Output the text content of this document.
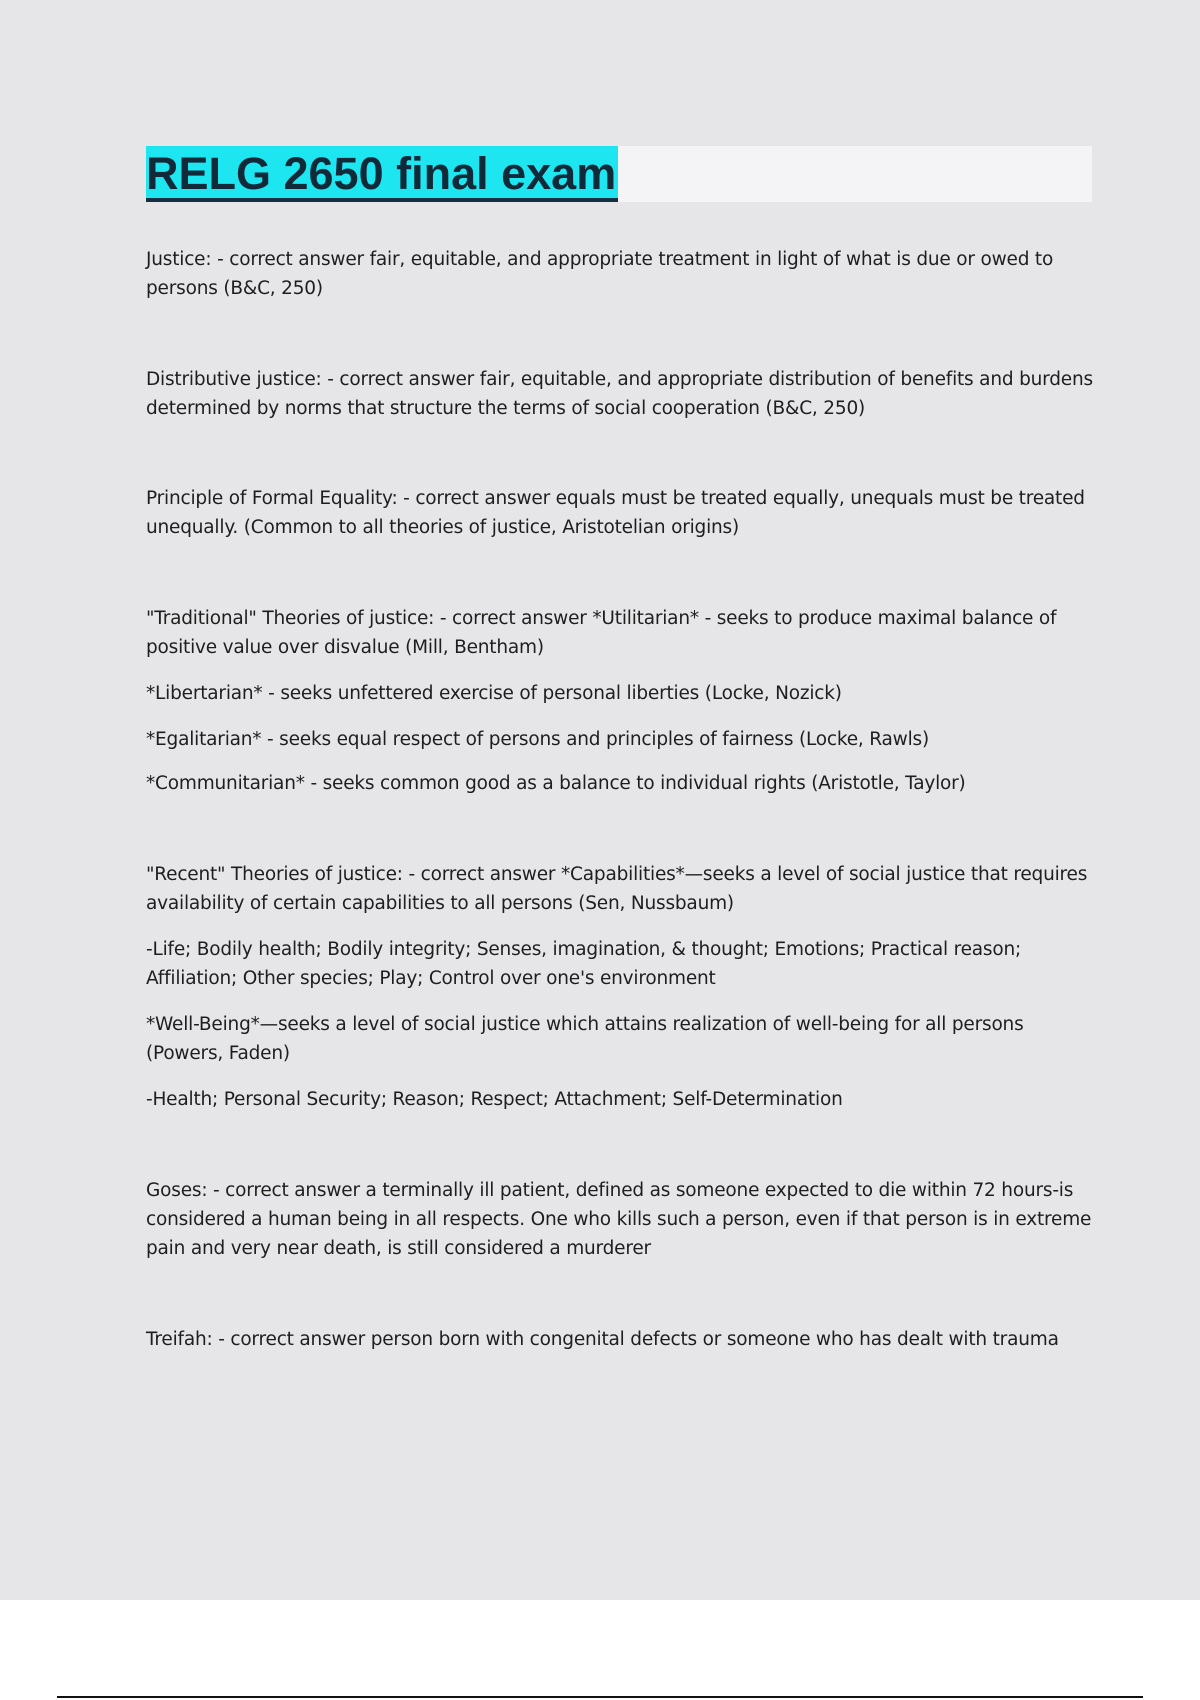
RELG 2650 final exam

Justice: - correct answer fair, equitable, and appropriate treatment in light of what is due or owed to persons (B&C, 250)

Distributive justice: - correct answer fair, equitable, and appropriate distribution of benefits and burdens determined by norms that structure the terms of social cooperation (B&C, 250)

Principle of Formal Equality: - correct answer equals must be treated equally, unequals must be treated unequally. (Common to all theories of justice, Aristotelian origins)

"Traditional" Theories of justice: - correct answer *Utilitarian* - seeks to produce maximal balance of positive value over disvalue (Mill, Bentham)

*Libertarian* - seeks unfettered exercise of personal liberties (Locke, Nozick)

*Egalitarian* - seeks equal respect of persons and principles of fairness (Locke, Rawls)

*Communitarian* - seeks common good as a balance to individual rights (Aristotle, Taylor)

"Recent" Theories of justice: - correct answer *Capabilities*—seeks a level of social justice that requires availability of certain capabilities to all persons (Sen, Nussbaum)

-Life; Bodily health; Bodily integrity; Senses, imagination, & thought; Emotions; Practical reason; Affiliation; Other species; Play; Control over one's environment

*Well-Being*—seeks a level of social justice which attains realization of well-being for all persons (Powers, Faden)

-Health; Personal Security; Reason; Respect; Attachment; Self-Determination

Goses: - correct answer a terminally ill patient, defined as someone expected to die within 72 hours-is considered a human being in all respects. One who kills such a person, even if that person is in extreme pain and very near death, is still considered a murderer

Treifah: - correct answer person born with congenital defects or someone who has dealt with trauma
